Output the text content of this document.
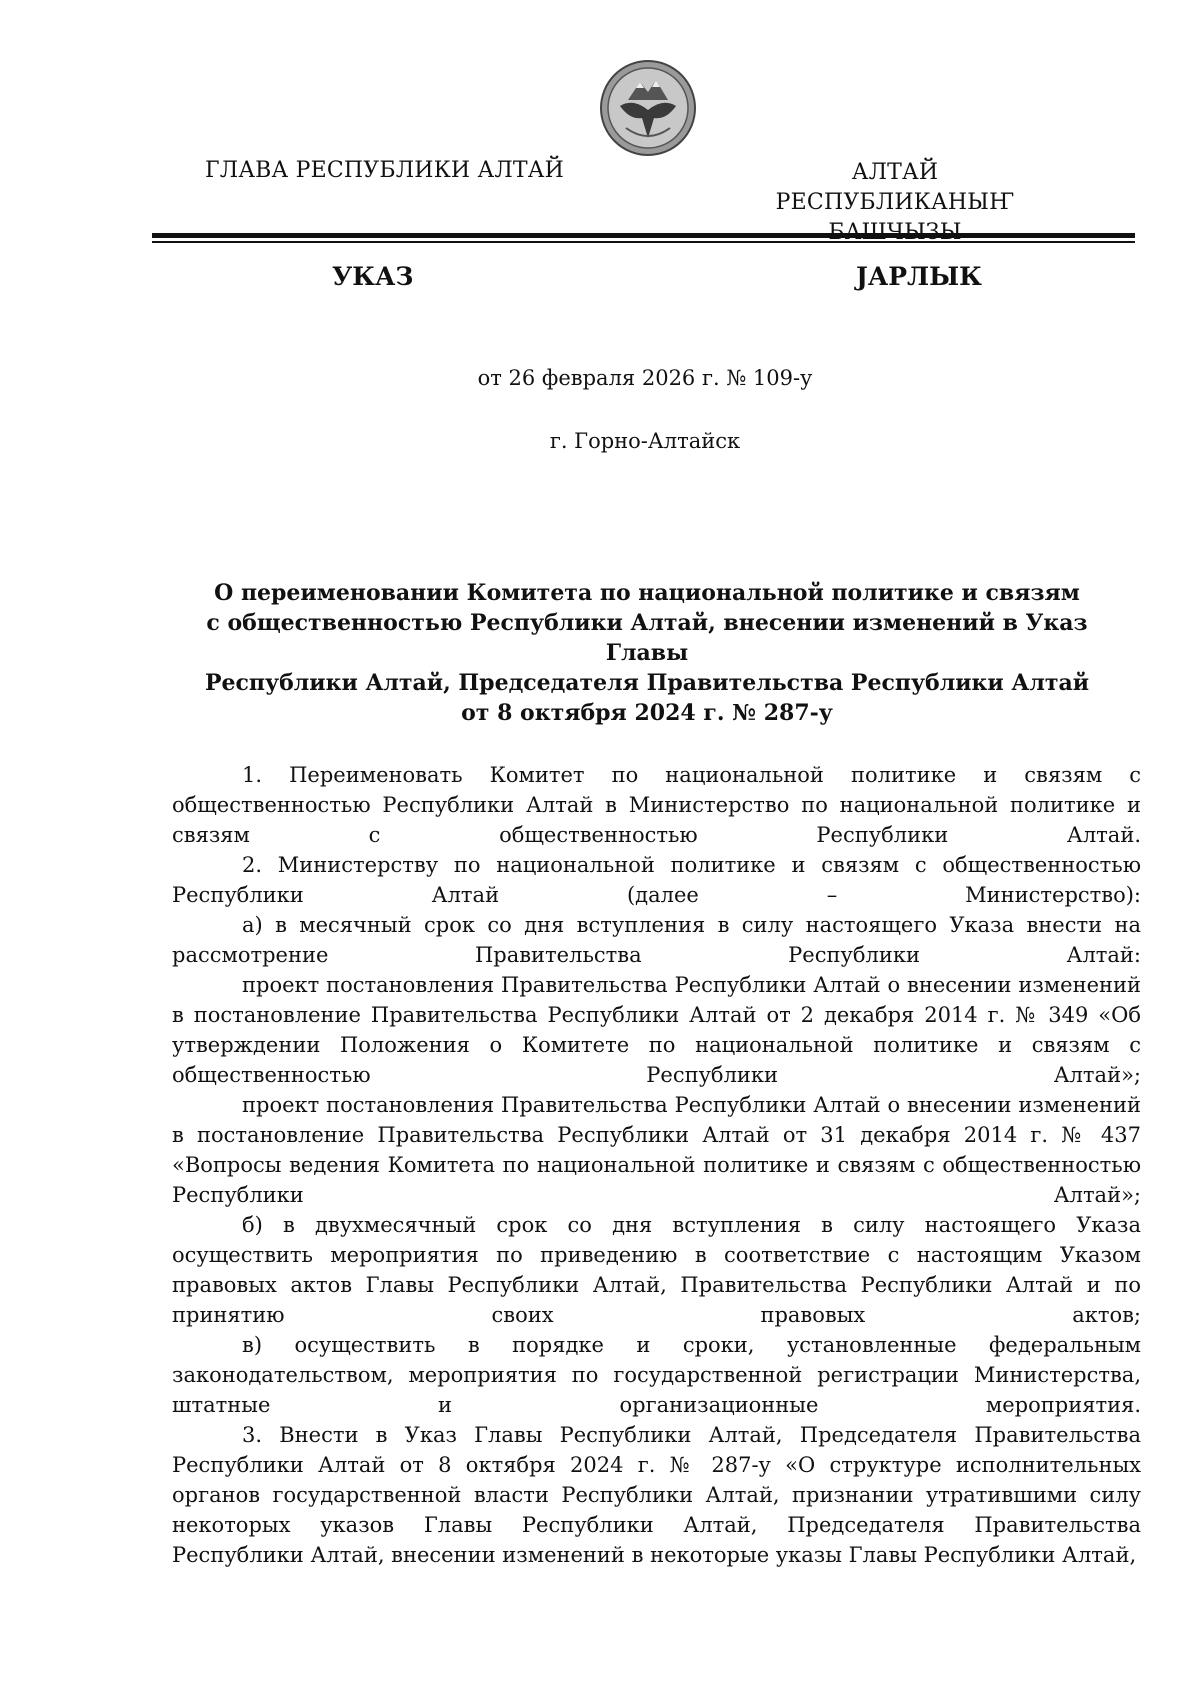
ГЛАВА РЕСПУБЛИКИ АЛТАЙ	АЛТАЙ РЕСПУБЛИКАНЫҤ
УКАЗ	ЈАРЛЫК
от 26 февраля 2026 г. № 109-у
г. Горно-Алтайск
О переименовании Комитета по национальной политике и связям
с общественностью Республики Алтай, внесении изменений в Указ Главы
Республики Алтай, Председателя Правительства Республики Алтай
от 8 октября 2024 г. № 287-у

1. Переименовать Комитет по национальной политике и связям с общественностью Республики Алтай в Министерство по национальной политике и связям с общественностью Республики Алтай.

2. Министерству по национальной политике и связям с общественностью Республики Алтай (далее – Министерство):

а) в месячный срок со дня вступления в силу настоящего Указа внести на рассмотрение Правительства Республики Алтай:

проект постановления Правительства Республики Алтай о внесении изменений в постановление Правительства Республики Алтай от 2 декабря 2014 г. № 349 «Об утверждении Положения о Комитете по национальной политике и связям с общественностью Республики Алтай»;

проект постановления Правительства Республики Алтай о внесении изменений в постановление Правительства Республики Алтай от 31 декабря 2014 г. № 437 «Вопросы ведения Комитета по национальной политике и связям с общественностью Республики Алтай»;

б) в двухмесячный срок со дня вступления в силу настоящего Указа осуществить мероприятия по приведению в соответствие с настоящим Указом правовых актов Главы Республики Алтай, Правительства Республики Алтай и по принятию своих правовых актов;

в) осуществить в порядке и сроки, установленные федеральным законодательством, мероприятия по государственной регистрации Министерства, штатные и организационные мероприятия.

3. Внести в Указ Главы Республики Алтай, Председателя Правительства Республики Алтай от 8 октября 2024 г. № 287-у «О структуре исполнительных органов государственной власти Республики Алтай, признании утратившими силу некоторых указов Главы Республики Алтай, Председателя Правительства Республики Алтай, внесении изменений в некоторые указы Главы Республики Алтай,
